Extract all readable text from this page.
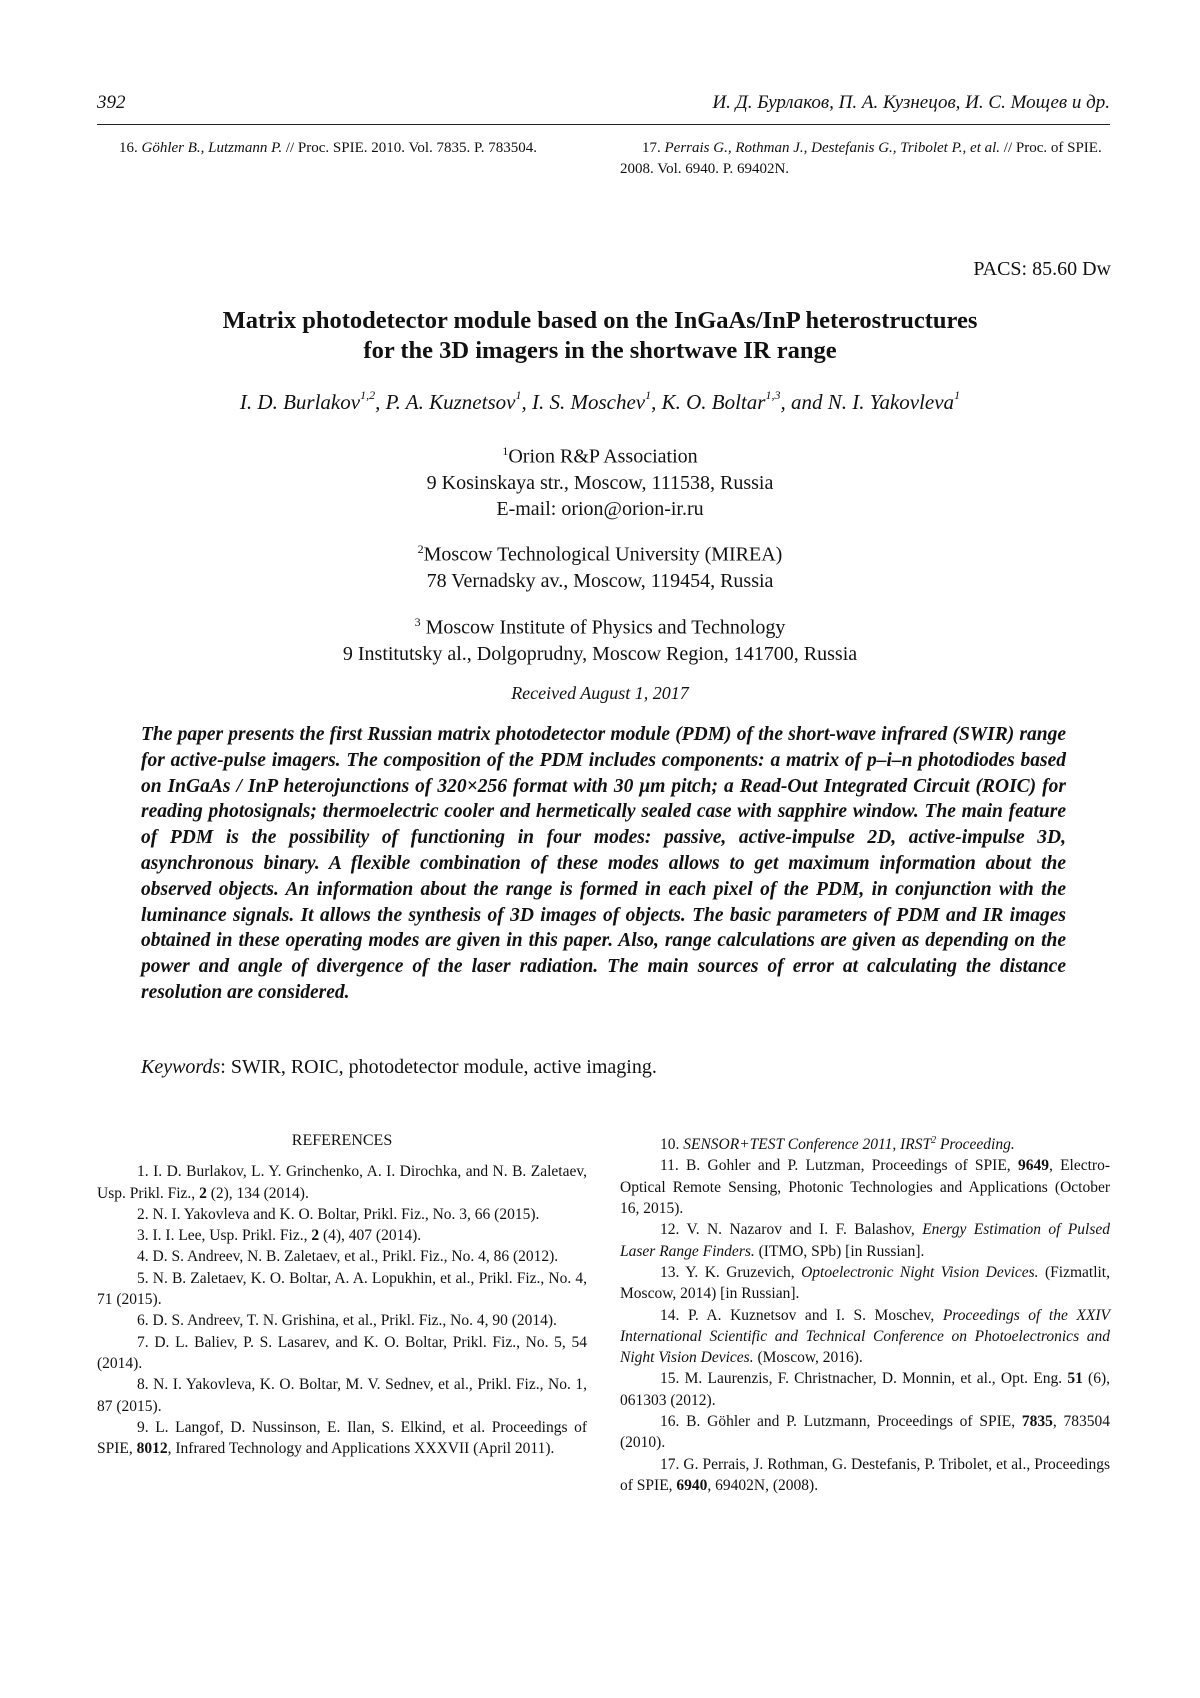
392	И. Д. Бурлаков, П. А. Кузнецов, И. С. Мощев и др.
16. Göhler B., Lutzmann P. // Proc. SPIE. 2010. Vol. 7835. P. 783504.	17. Perrais G., Rothman J., Destefanis G., Tribolet P., et al. // Proc. of SPIE. 2008. Vol. 6940. P. 69402N.
PACS: 85.60 Dw
Matrix photodetector module based on the InGaAs/InP heterostructures
for the 3D imagers in the shortwave IR range
I. D. Burlakov$^{1,2}$, P. A. Kuznetsov$^1$, I. S. Moschev$^1$, K. O. Boltar$^{1,3}$, and N. I. Yakovleva$^1$
$^1$Orion R&P Association
9 Kosinskaya str., Moscow, 111538, Russia
E-mail: orion@orion-ir.ru
$^2$Moscow Technological University (MIREA)
78 Vernadsky av., Moscow, 119454, Russia
$^3$ Moscow Institute of Physics and Technology
9 Institutsky al., Dolgoprudny, Moscow Region, 141700, Russia
Received August 1, 2017
The paper presents the first Russian matrix photodetector module (PDM) of the short-wave infrared (SWIR) range for active-pulse imagers. The composition of the PDM includes components: a matrix of p–i–n photodiodes based on InGaAs / InP heterojunctions of 320×256 format with 30 μm pitch; a Read-Out Integrated Circuit (ROIC) for reading photosignals; thermoelectric cooler and hermetically sealed case with sapphire window. The main feature of PDM is the possibility of functioning in four modes: passive, active-impulse 2D, active-impulse 3D, asynchronous binary. A flexible combination of these modes allows to get maximum information about the observed objects. An information about the range is formed in each pixel of the PDM, in conjunction with the luminance signals. It allows the synthesis of 3D images of objects. The basic parameters of PDM and IR images obtained in these operating modes are given in this paper. Also, range calculations are given as depending on the power and angle of divergence of the laser radiation. The main sources of error at calculating the distance resolution are considered.
Keywords: SWIR, ROIC, photodetector module, active imaging.
REFERENCES

1. I. D. Burlakov, L. Y. Grinchenko, A. I. Dirochka, and N. B. Zaletaev, Usp. Prikl. Fiz., 2 (2), 134 (2014).

2. N. I. Yakovleva and K. O. Boltar, Prikl. Fiz., No. 3, 66 (2015).

3. I. I. Lee, Usp. Prikl. Fiz., 2 (4), 407 (2014).

4. D. S. Andreev, N. B. Zaletaev, et al., Prikl. Fiz., No. 4, 86 (2012).

5. N. B. Zaletaev, K. O. Boltar, A. A. Lopukhin, et al., Prikl. Fiz., No. 4, 71 (2015).

6. D. S. Andreev, T. N. Grishina, et al., Prikl. Fiz., No. 4, 90 (2014).

7. D. L. Baliev, P. S. Lasarev, and K. O. Boltar, Prikl. Fiz., No. 5, 54 (2014).

8. N. I. Yakovleva, K. O. Boltar, M. V. Sednev, et al., Prikl. Fiz., No. 1, 87 (2015).

9. L. Langof, D. Nussinson, E. Ilan, S. Elkind, et al. Proceedings of SPIE, 8012, Infrared Technology and Applications XXXVII (April 2011).

10. SENSOR+TEST Conference 2011, IRST$^2$ Proceeding.

11. B. Gohler and P. Lutzman, Proceedings of SPIE, 9649, Electro-Optical Remote Sensing, Photonic Technologies and Applications (October 16, 2015).

12. V. N. Nazarov and I. F. Balashov, Energy Estimation of Pulsed Laser Range Finders. (ITMO, SPb) [in Russian].

13. Y. K. Gruzevich, Optoelectronic Night Vision Devices. (Fizmatlit, Moscow, 2014) [in Russian].

14. P. A. Kuznetsov and I. S. Moschev, Proceedings of the XXIV International Scientific and Technical Conference on Photoelectronics and Night Vision Devices. (Moscow, 2016).

15. M. Laurenzis, F. Christnacher, D. Monnin, et al., Opt. Eng. 51 (6), 061303 (2012).

16. B. Göhler and P. Lutzmann, Proceedings of SPIE, 7835, 783504 (2010).

17. G. Perrais, J. Rothman, G. Destefanis, P. Tribolet, et al., Proceedings of SPIE, 6940, 69402N, (2008).
